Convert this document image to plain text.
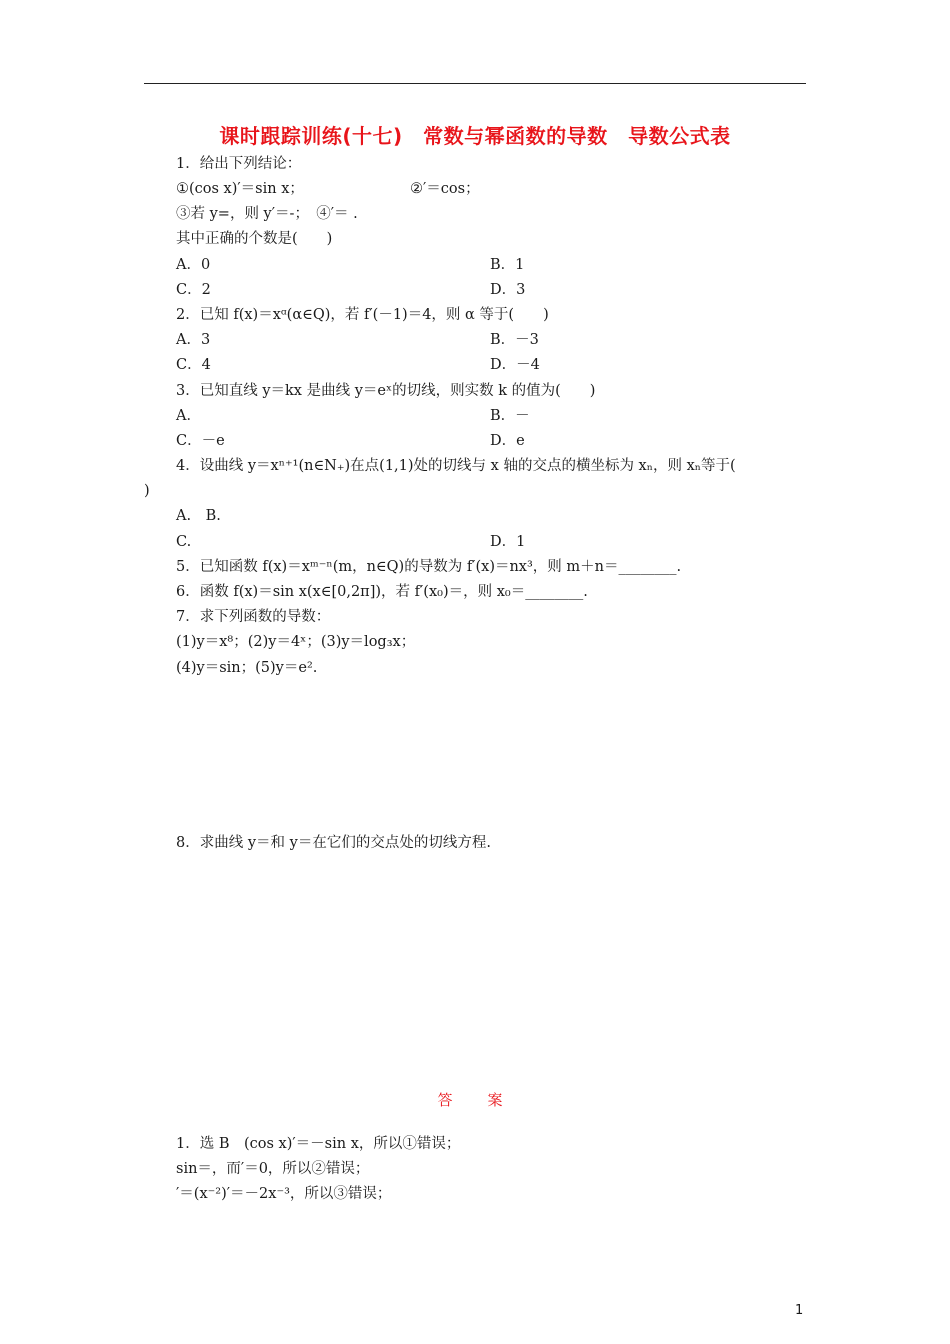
课时跟踪训练(十七)　常数与幂函数的导数　导数公式表
1．给出下列结论：
①(cos x)′＝sin x；	②′＝cos；
③若 y=，则 y′＝-；　④′＝ .
其中正确的个数是(　　)
A．0	B．1
C．2	D．3
2．已知 f(x)＝xᵅ(α∈Q)，若 f′(－1)＝4，则 α 等于(　　)
A．3	B．－3
C．4	D．－4
3．已知直线 y＝kx 是曲线 y＝eˣ的切线，则实数 k 的值为(　　)
A．	B．－
C．－e	D．e
4．设曲线 y＝xⁿ⁺¹(n∈N₊)在点(1,1)处的切线与 x 轴的交点的横坐标为 xₙ，则 xₙ等于(
)
A.　B.
C.	D．1
5．已知函数 f(x)＝xᵐ⁻ⁿ(m，n∈Q)的导数为 f′(x)＝nx³，则 m＋n＝________.
6．函数 f(x)＝sin x(x∈[0,2π])，若 f′(x₀)＝，则 x₀＝________.
7．求下列函数的导数：
(1)y＝x⁸；(2)y＝4ˣ；(3)y＝log₃x；
(4)y＝sin；(5)y＝e².
8．求曲线 y＝和 y＝在它们的交点处的切线方程.
答　案
1．选 B　(cos x)′＝－sin x，所以①错误；
sin＝，而′＝0，所以②错误；
′＝(x⁻²)′＝－2x⁻³，所以③错误；
1
